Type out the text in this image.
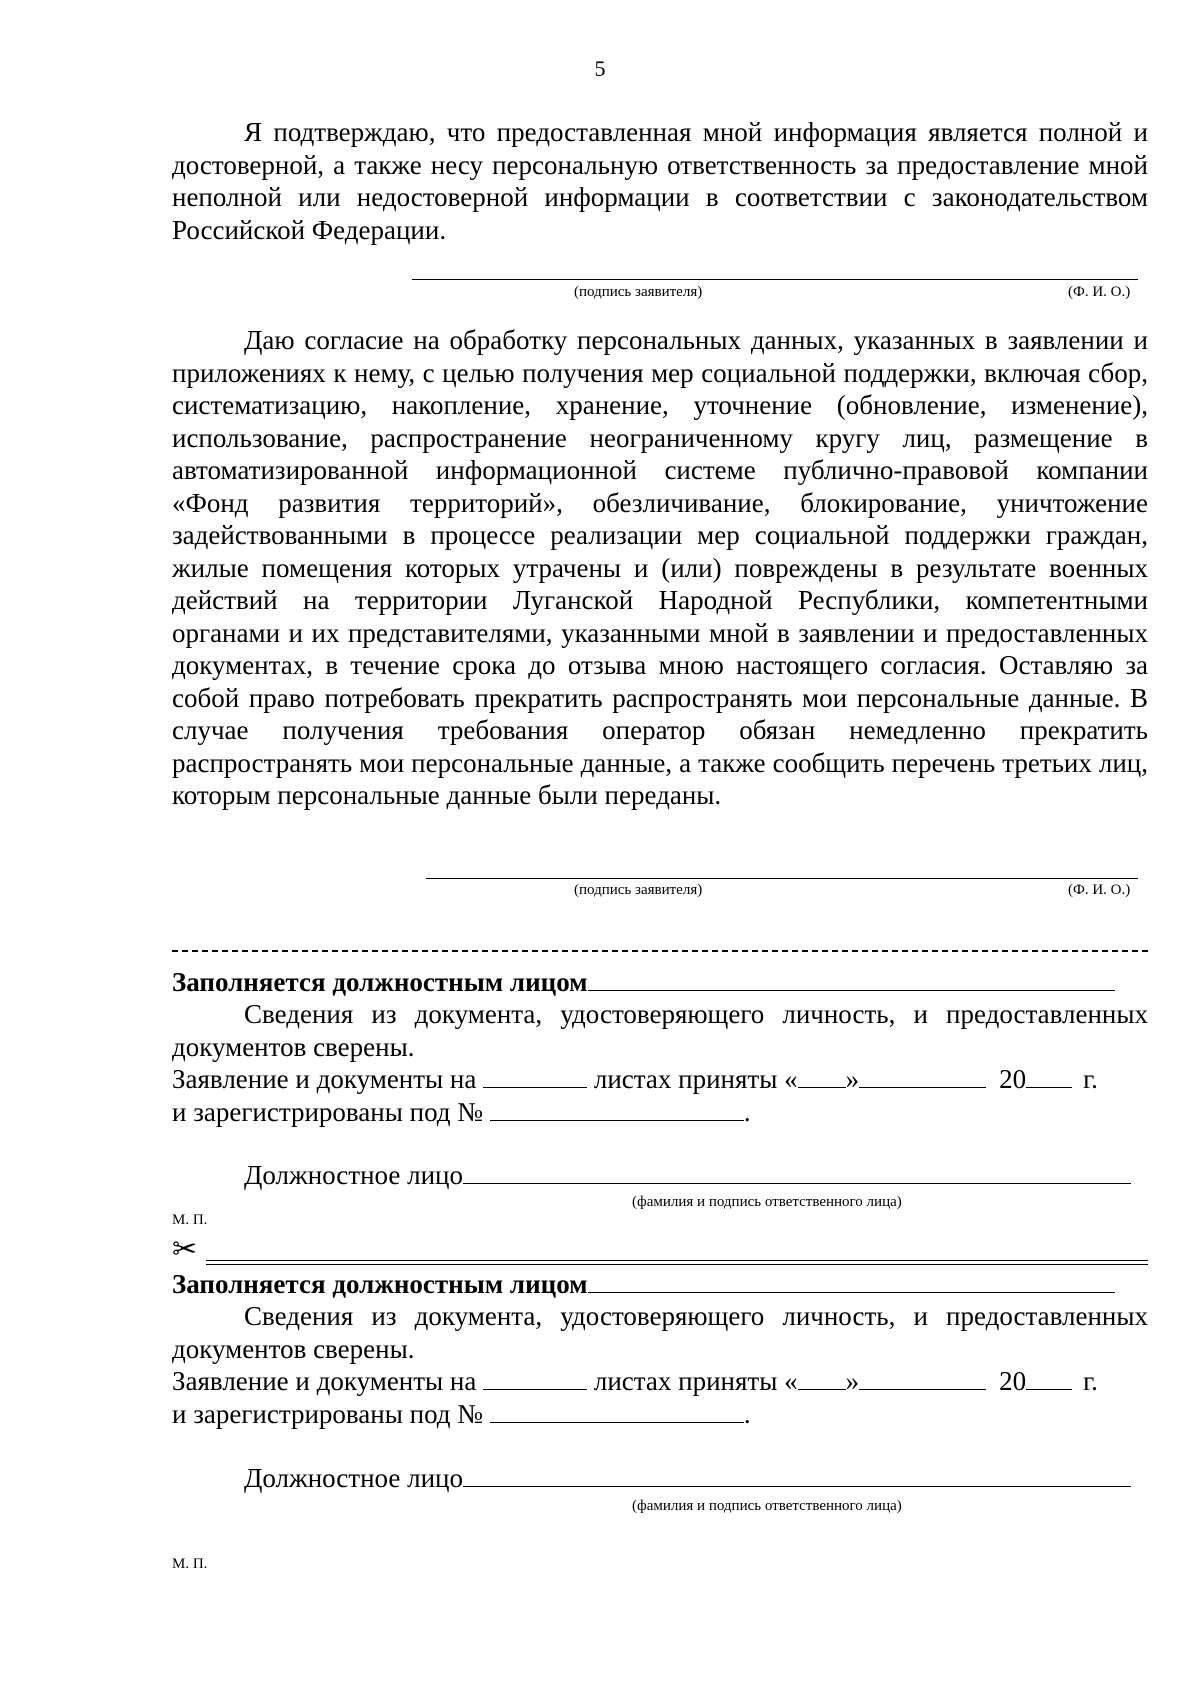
5

Я подтверждаю, что предоставленная мной информация является полной и достоверной, а также несу персональную ответственность за предоставление мной неполной или недостоверной информации в соответствии с законодательством Российской Федерации.

(подпись заявителя)	(Ф. И. О.)

Даю согласие на обработку персональных данных, указанных в заявлении и приложениях к нему, с целью получения мер социальной поддержки, включая сбор, систематизацию, накопление, хранение, уточнение (обновление, изменение), использование, распространение неограниченному кругу лиц, размещение в автоматизированной информационной системе публично-правовой компании «Фонд развития территорий», обезличивание, блокирование, уничтожение задействованными в процессе реализации мер социальной поддержки граждан, жилые помещения которых утрачены и (или) повреждены в результате военных действий на территории Луганской Народной Республики, компетентными органами и их представителями, указанными мной в заявлении и предоставленных документах, в течение срока до отзыва мною настоящего согласия. Оставляю за собой право потребовать прекратить распространять мои персональные данные. В случае получения требования оператор обязан немедленно прекратить распространять мои персональные данные, а также сообщить перечень третьих лиц, которым персональные данные были переданы.

(подпись заявителя)	(Ф. И. О.)
Заполняется должностным лицом

Сведения из документа, удостоверяющего личность, и предоставленных документов сверены.

Заявление и документы на	листах приняты « »	20 г.
и зарегистрированы под №	.
Должностное лицо
(фамилия и подпись ответственного лица)
М. П.
✂
Заполняется должностным лицом

Сведения из документа, удостоверяющего личность, и предоставленных документов сверены.

Заявление и документы на	листах приняты « »	20 г.
и зарегистрированы под №	.
Должностное лицо
(фамилия и подпись ответственного лица)
М. П.
